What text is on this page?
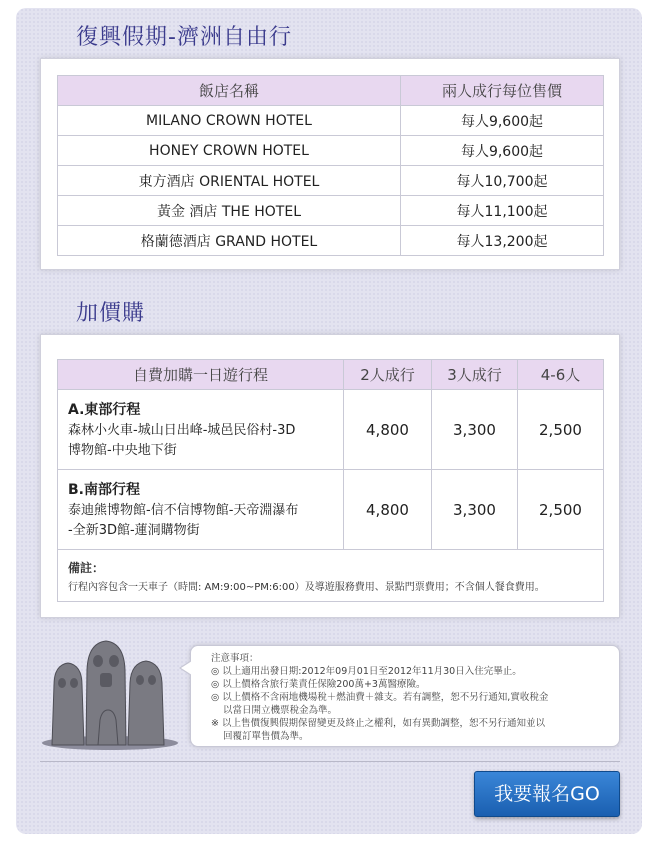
復興假期-濟洲自由行
飯店名稱	兩人成行每位售價
MILANO CROWN HOTEL	每人9,600起
HONEY CROWN HOTEL	每人9,600起
東方酒店 ORIENTAL HOTEL	每人10,700起
黃金 酒店 THE HOTEL	每人11,100起
格蘭德酒店 GRAND HOTEL	每人13,200起
加價購
自費加購一日遊行程	2人成行	3人成行	4-6人

A.東部行程
森林小火車-城山日出峰-城邑民俗村-3D
博物館-中央地下街	4,800	3,300	2,500

B.南部行程
泰迪熊博物館-信不信博物館-天帝淵瀑布
-全新3D館-蓮洞購物街	4,800	3,300	2,500

備註：
行程內容包含一天車子（時間: AM:9:00~PM:6:00）及導遊服務費用、景點門票費用；不含個人餐食費用。			
注意事項：
◎ 以上適用出發日期:2012年09月01日至2012年11月30日入住完畢止。
◎ 以上價格含旅行業責任保險200萬+3萬醫療險。
◎ 以上價格不含兩地機場稅＋燃油費＋雜支。若有調整，恕不另行通知,實收稅金
以當日開立機票稅金為準。
※ 以上售價復興假期保留變更及終止之權利，如有異動調整，恕不另行通知並以
回覆訂單售價為準。
我要報名GO
